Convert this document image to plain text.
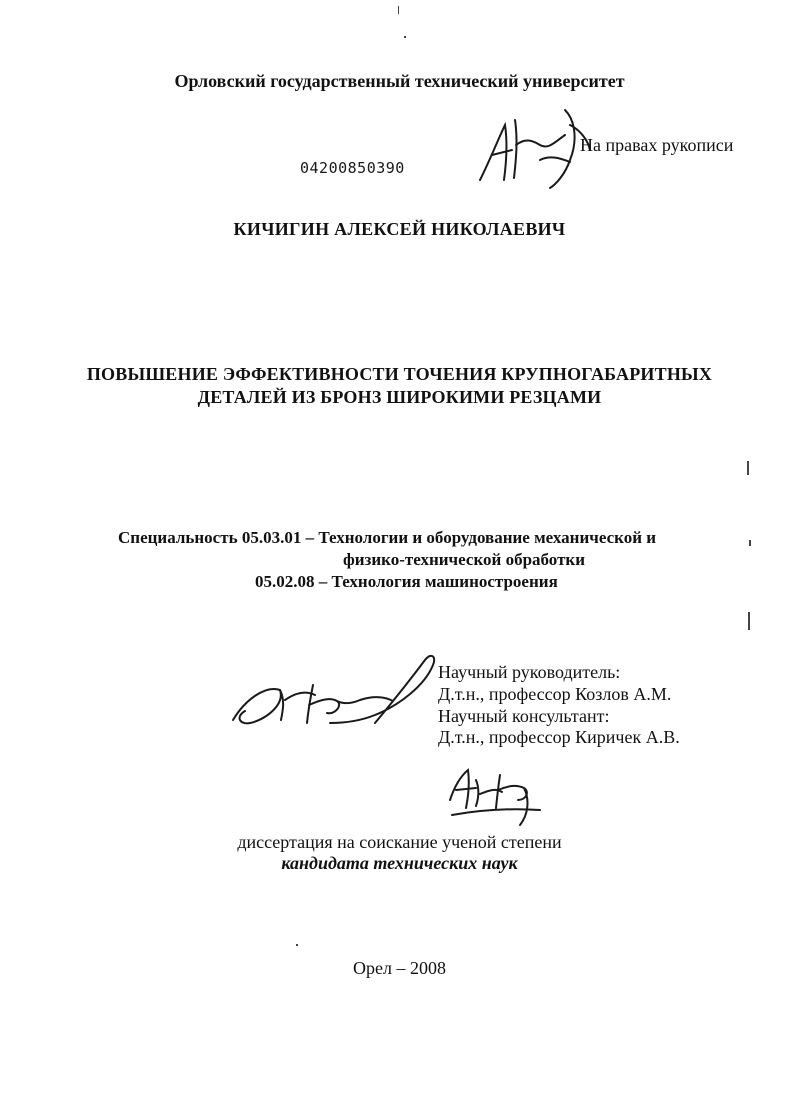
Орловский государственный технический университет
04200850390
На правах рукописи
КИЧИГИН АЛЕКСЕЙ НИКОЛАЕВИЧ
ПОВЫШЕНИЕ ЭФФЕКТИВНОСТИ ТОЧЕНИЯ КРУПНОГАБАРИТНЫХ
ДЕТАЛЕЙ ИЗ БРОНЗ ШИРОКИМИ РЕЗЦАМИ
Специальность 05.03.01 – Технологии и оборудование механической и
физико-технической обработки
05.02.08 – Технология машиностроения
Научный руководитель:
Д.т.н., профессор Козлов А.М.
Научный консультант:
Д.т.н., профессор Киричек А.В.
диссертация на соискание ученой степени
кандидата технических наук
Орел – 2008
